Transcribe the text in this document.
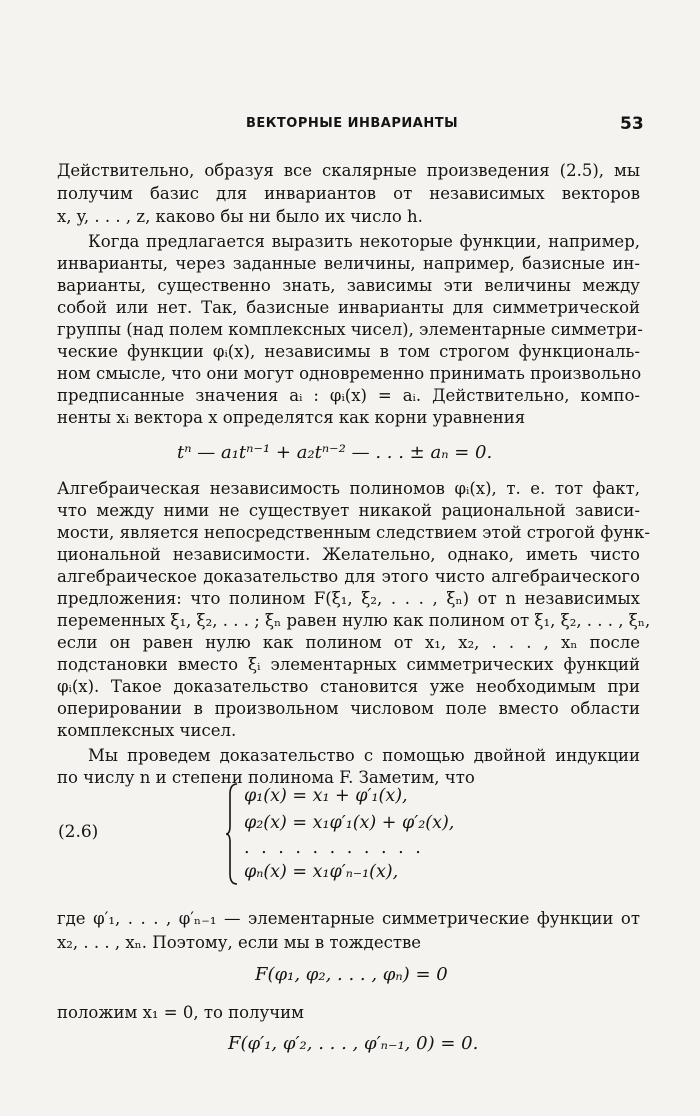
ВЕКТОРНЫЕ ИНВАРИАНТЫ	53
Действительно, образуя все скалярные произведения (2.5), мы
получим базис для инвариантов от независимых векторов
x, y, . . . , z, каково бы ни было их число h.
Когда предлагается выразить некоторые функции, например,
инварианты, через заданные величины, например, базисные ин-
варианты, существенно знать, зависимы эти величины между
собой или нет. Так, базисные инварианты для симметрической
группы (над полем комплексных чисел), элементарные симметри-
ческие функции φᵢ(x), независимы в том строгом функциональ-
ном смысле, что они могут одновременно принимать произвольно
предписанные значения aᵢ : φᵢ(x) = aᵢ. Действительно, компо-
ненты xᵢ вектора x определятся как корни уравнения
tⁿ — a₁tⁿ⁻¹ + a₂tⁿ⁻² — . . . ± aₙ = 0.
Алгебраическая независимость полиномов φᵢ(x), т. е. тот факт,
что между ними не существует никакой рациональной зависи-
мости, является непосредственным следствием этой строгой функ-
циональной независимости. Желательно, однако, иметь чисто
алгебраическое доказательство для этого чисто алгебраического
предложения: что полином F(ξ₁, ξ₂, . . . , ξₙ) от n независимых
переменных ξ₁, ξ₂, . . . ; ξₙ равен нулю как полином от ξ₁, ξ₂, . . . , ξₙ,
если он равен нулю как полином от x₁, x₂, . . . , xₙ после
подстановки вместо ξᵢ элементарных симметрических функций
φᵢ(x). Такое доказательство становится уже необходимым при
оперировании в произвольном числовом поле вместо области
комплексных чисел.
Мы проведем доказательство с помощью двойной индукции
по числу n и степени полинома F. Заметим, что
(2.6)
φ₁(x) = x₁ + φ′₁(x),
φ₂(x) = x₁φ′₁(x) + φ′₂(x),
. . . . . . . . . . .
φₙ(x) = x₁φ′ₙ₋₁(x),
где φ′₁, . . . , φ′ₙ₋₁ — элементарные симметрические функции от
x₂, . . . , xₙ. Поэтому, если мы в тождестве
F(φ₁, φ₂, . . . , φₙ) = 0
положим x₁ = 0, то получим
F(φ′₁, φ′₂, . . . , φ′ₙ₋₁, 0) = 0.
